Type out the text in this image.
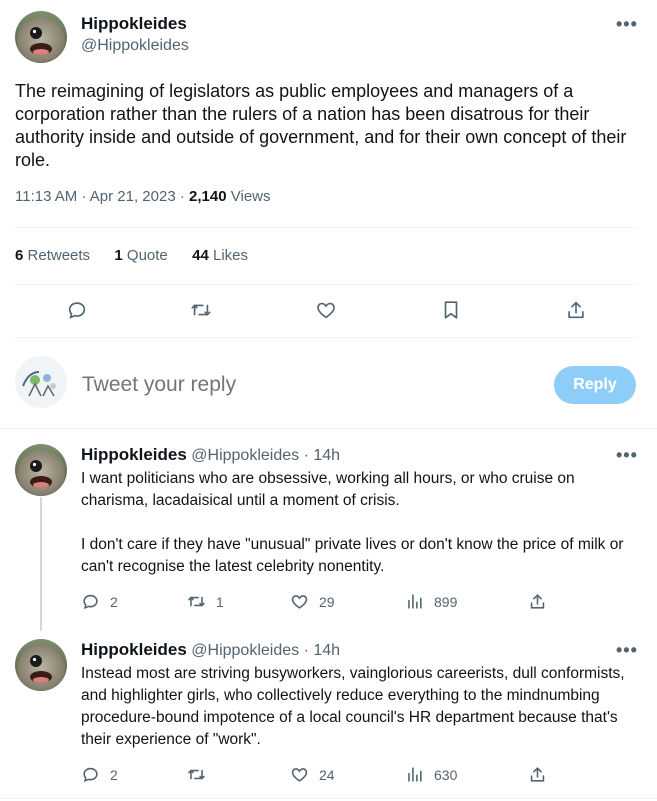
Hippokleides
@Hippokleides
•••
The reimagining of legislators as public employees and managers of a corporation rather than the rulers of a nation has been disatrous for their authority inside and outside of government, and for their own concept of their role.
11:13 AM · Apr 21, 2023 · 2,140 Views
6 Retweets 1 Quote 44 Likes
Tweet your reply
Reply
Hippokleides @Hippokleides · 14h	•••
I want politicians who are obsessive, working all hours, or who cruise on charisma, lacadaisical until a moment of crisis.
I don't care if they have "unusual" private lives or don't know the price of milk or can't recognise the latest celebrity nonentity.
2	1	29	899
Hippokleides @Hippokleides · 14h	•••
Instead most are striving busyworkers, vainglorious careerists, dull conformists, and highlighter girls, who collectively reduce everything to the mindnumbing procedure-bound impotence of a local council's HR department because that's their experience of "work".
2	24	630
